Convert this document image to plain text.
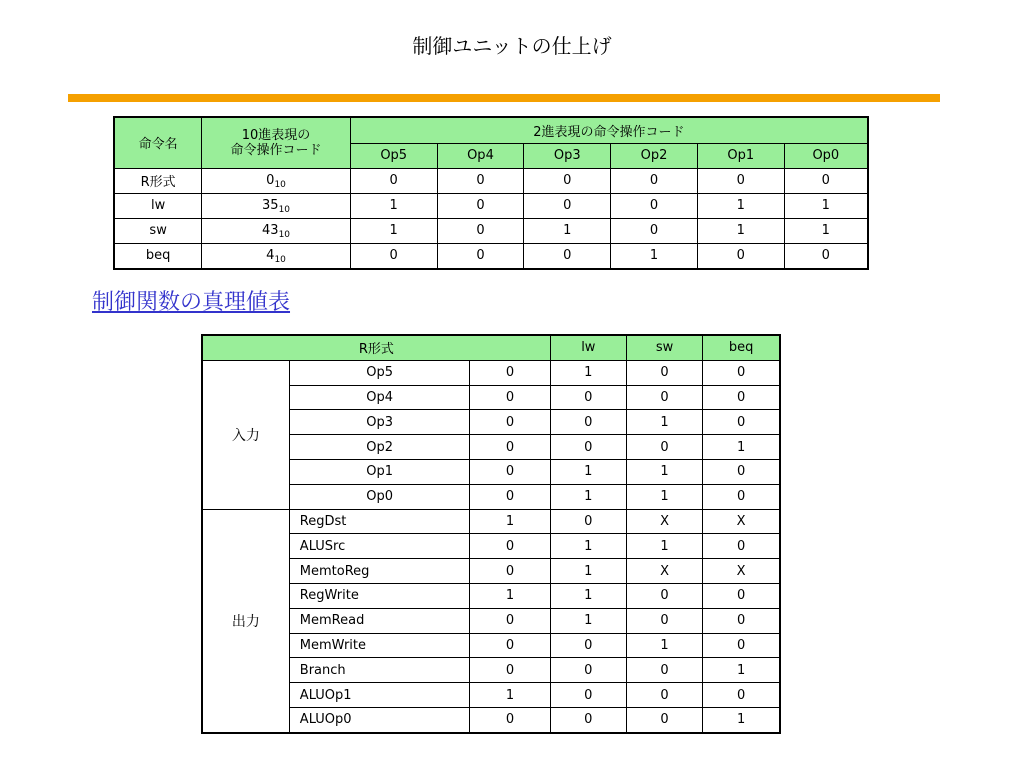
制御ユニットの仕上げ
命令名	10進表現の
命令操作コード	2進表現の命令操作コード					
		Op5	Op4	Op3	Op2	Op1	Op0
R形式	$0_{10}$	0	0	0	0	0	0
lw	$35_{10}$	1	0	0	0	1	1
sw	$43_{10}$	1	0	1	0	1	1
beq	$4_{10}$	0	0	0	1	0	0
制御関数の真理値表
R形式			lw	sw	beq
入力	Op5	0	1	0	0
	Op4	0	0	0	0
	Op3	0	0	1	0
	Op2	0	0	0	1
	Op1	0	1	1	0
	Op0	0	1	1	0
出力	RegDst	1	0	X	X
	ALUSrc	0	1	1	0
	MemtoReg	0	1	X	X
	RegWrite	1	1	0	0
	MemRead	0	1	0	0
	MemWrite	0	0	1	0
	Branch	0	0	0	1
	ALUOp1	1	0	0	0
	ALUOp0	0	0	0	1
